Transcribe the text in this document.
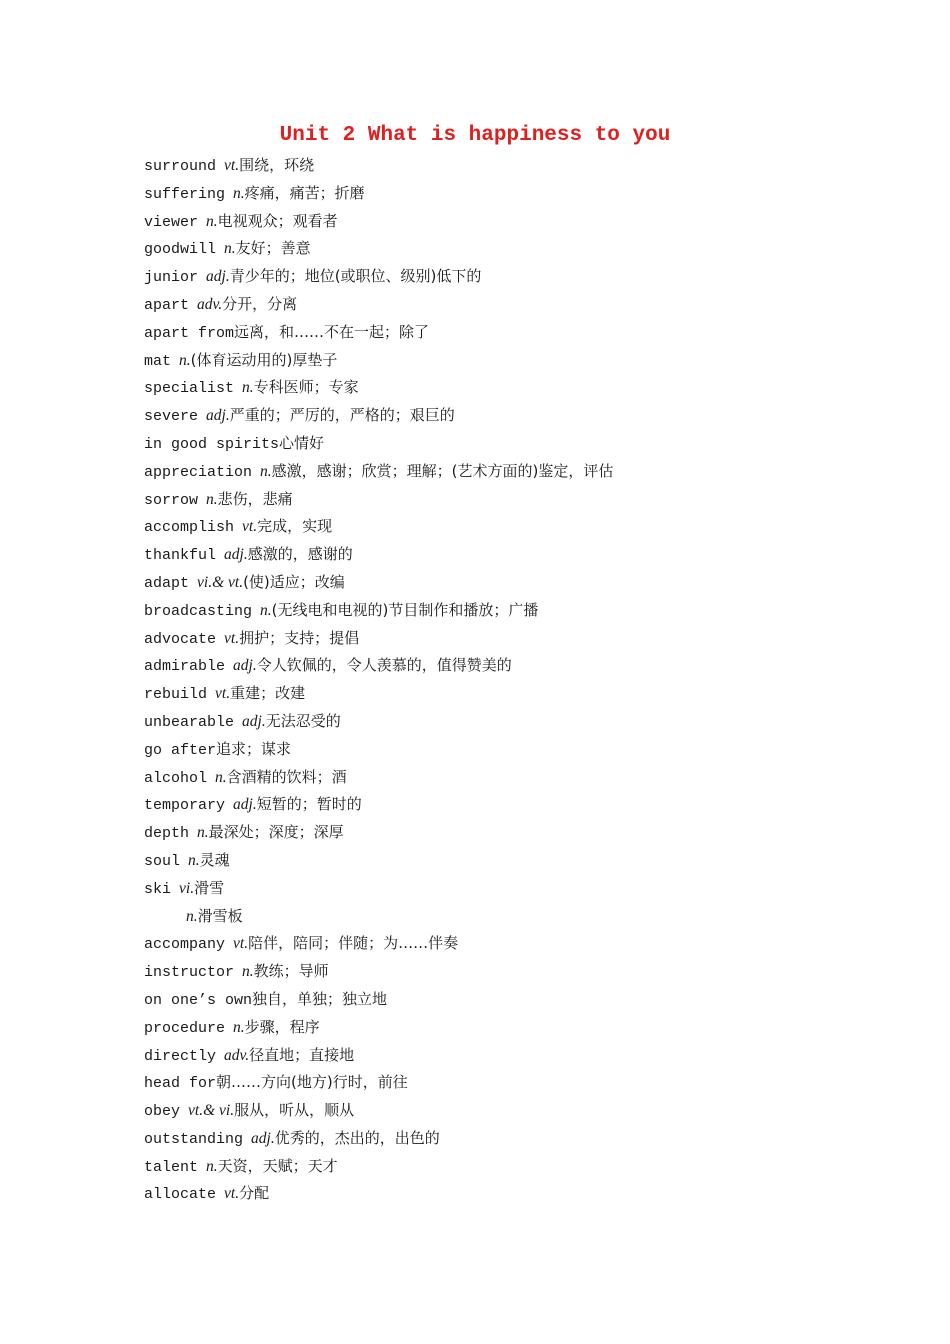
Unit 2 What is happiness to you
surround vt.围绕，环绕
suffering n.疼痛，痛苦；折磨
viewer n.电视观众；观看者
goodwill n.友好；善意
junior adj.青少年的；地位(或职位、级别)低下的
apart adv.分开，分离
apart from远离，和……不在一起；除了
mat n.(体育运动用的)厚垫子
specialist n.专科医师；专家
severe adj.严重的；严厉的，严格的；艰巨的
in good spirits心情好
appreciation n.感激，感谢；欣赏；理解；(艺术方面的)鉴定，评估
sorrow n.悲伤，悲痛
accomplish vt.完成，实现
thankful adj.感激的，感谢的
adapt vi.& vt.(使)适应；改编
broadcasting n.(无线电和电视的)节目制作和播放；广播
advocate vt.拥护；支持；提倡
admirable adj.令人钦佩的，令人羡慕的，值得赞美的
rebuild vt.重建；改建
unbearable adj.无法忍受的
go after追求；谋求
alcohol n.含酒精的饮料；酒
temporary adj.短暂的；暂时的
depth n.最深处；深度；深厚
soul n.灵魂
ski vi.滑雪
n.滑雪板
accompany vt.陪伴，陪同；伴随；为……伴奏
instructor n.教练；导师
on one’s own独自，单独；独立地
procedure n.步骤，程序
directly adv.径直地；直接地
head for朝……方向(地方)行时，前往
obey vt.& vi.服从，听从，顺从
outstanding adj.优秀的，杰出的，出色的
talent n.天资，天赋；天才
allocate vt.分配
